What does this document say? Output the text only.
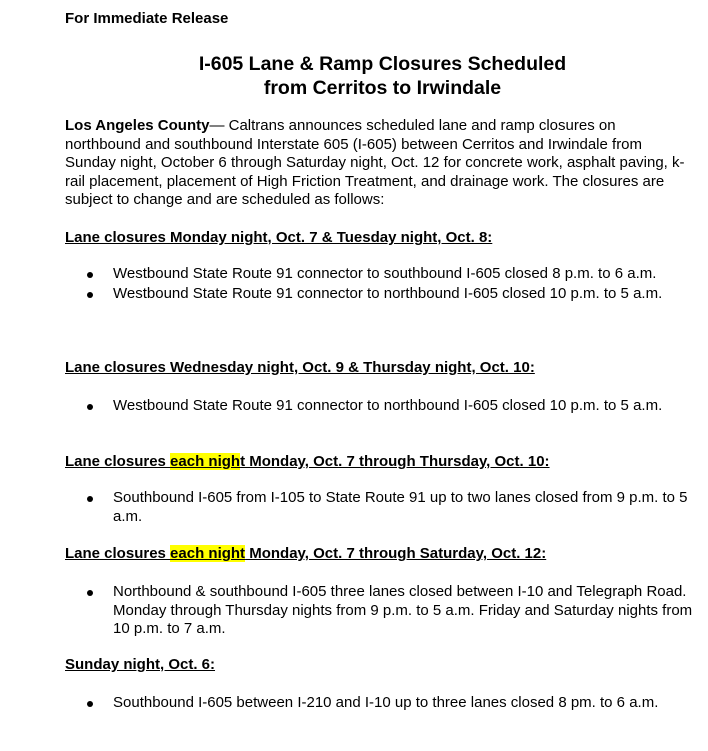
For Immediate Release

I-605 Lane & Ramp Closures Scheduled
from Cerritos to Irwindale

Los Angeles County— Caltrans announces scheduled lane and ramp closures on northbound and southbound Interstate 605 (I-605) between Cerritos and Irwindale from Sunday night, October 6 through Saturday night, Oct. 12 for concrete work, asphalt paving, k-rail placement, placement of High Friction Treatment, and drainage work. The closures are subject to change and are scheduled as follows:

Lane closures Monday night, Oct. 7 & Tuesday night, Oct. 8:

Westbound State Route 91 connector to southbound I-605 closed 8 p.m. to 6 a.m.
Westbound State Route 91 connector to northbound I-605 closed 10 p.m. to 5 a.m.

Lane closures Wednesday night, Oct. 9 & Thursday night, Oct. 10:

Westbound State Route 91 connector to northbound I-605 closed 10 p.m. to 5 a.m.

Lane closures each night Monday, Oct. 7 through Thursday, Oct. 10:

Southbound I-605 from I-105 to State Route 91 up to two lanes closed from 9 p.m. to 5 a.m.

Lane closures each night Monday, Oct. 7 through Saturday, Oct. 12:

Northbound & southbound I-605 three lanes closed between I-10 and Telegraph Road. Monday through Thursday nights from 9 p.m. to 5 a.m. Friday and Saturday nights from 10 p.m. to 7 a.m.

Sunday night, Oct. 6:

Southbound I-605 between I-210 and I-10 up to three lanes closed 8 pm. to 6 a.m.
